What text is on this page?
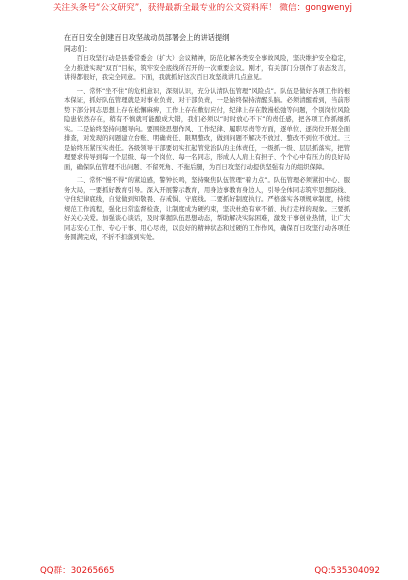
关注头条号“公文研究”，获得最新全最专业的公文资料库！ 微信：gongwenyj
在百日安全创建百日攻坚战动员部署会上的讲话提纲
同志们：

百日攻坚行动是县委常委会（扩大）会议精神，防范化解各类安全事故风险，坚决维护安全稳定，全力推进实现“双百”目标，筑牢安全底线所召开的一次重要会议。刚才，有关部门分别作了表态发言，讲得都很好，我完全同意。下面，我就抓好这次百日攻坚战讲几点意见。

一、常怀“坐不住”的危机意识，深刻认识，充分认清队伍管理“风险点”。队伍是做好各项工作的根本保证，抓好队伍管理就是对事业负责、对干部负责，一是始终保持清醒头脑。必须清醒看到，当前形势下部分同志思想上存在松懈麻痹，工作上存在敷衍应付，纪律上存在散漫松弛等问题，个别岗位风险隐患依然存在，稍有不慎就可能酿成大错，我们必须以“时时放心不下”的责任感，把各项工作抓细抓实。二是始终坚持问题导向。要围绕思想作风、工作纪律、履职尽责等方面，逐单位、逐岗位开展全面排查，对发现的问题建立台账、明确责任、限期整改，做到问题不解决不放过、整改不到位不放过。三是始终压紧压实责任。各级领导干部要切实扛起管党治队的主体责任，一级抓一级、层层抓落实，把管理要求传导到每一个层级、每一个岗位、每一名同志，形成人人肩上有担子、个个心中有压力的良好局面，确保队伍管理不出问题、不留死角、不拖后腿，为百日攻坚行动提供坚强有力的组织保障。

二、常怀“慢不得”的紧迫感，警钟长鸣，坚持聚焦队伍管理“着力点”。队伍管理必须紧扣中心、服务大局，一要抓好教育引导。深入开展警示教育，用身边事教育身边人，引导全体同志筑牢思想防线、守住纪律底线，自觉做到知敬畏、存戒惧、守底线。二要抓好制度执行。严格落实各项规章制度，持续规范工作流程，强化日常监督检查，让制度成为硬约束，坚决杜绝有章不循、执行走样的现象。三要抓好关心关爱。加强谈心谈话，及时掌握队伍思想动态，帮助解决实际困难，激发干事创业热情，让广大同志安心工作、专心干事、用心尽责，以良好的精神状态和过硬的工作作风，确保百日攻坚行动各项任务圆满完成，不折不扣落到实处。

QQ群：30265665	QQ:535304092
